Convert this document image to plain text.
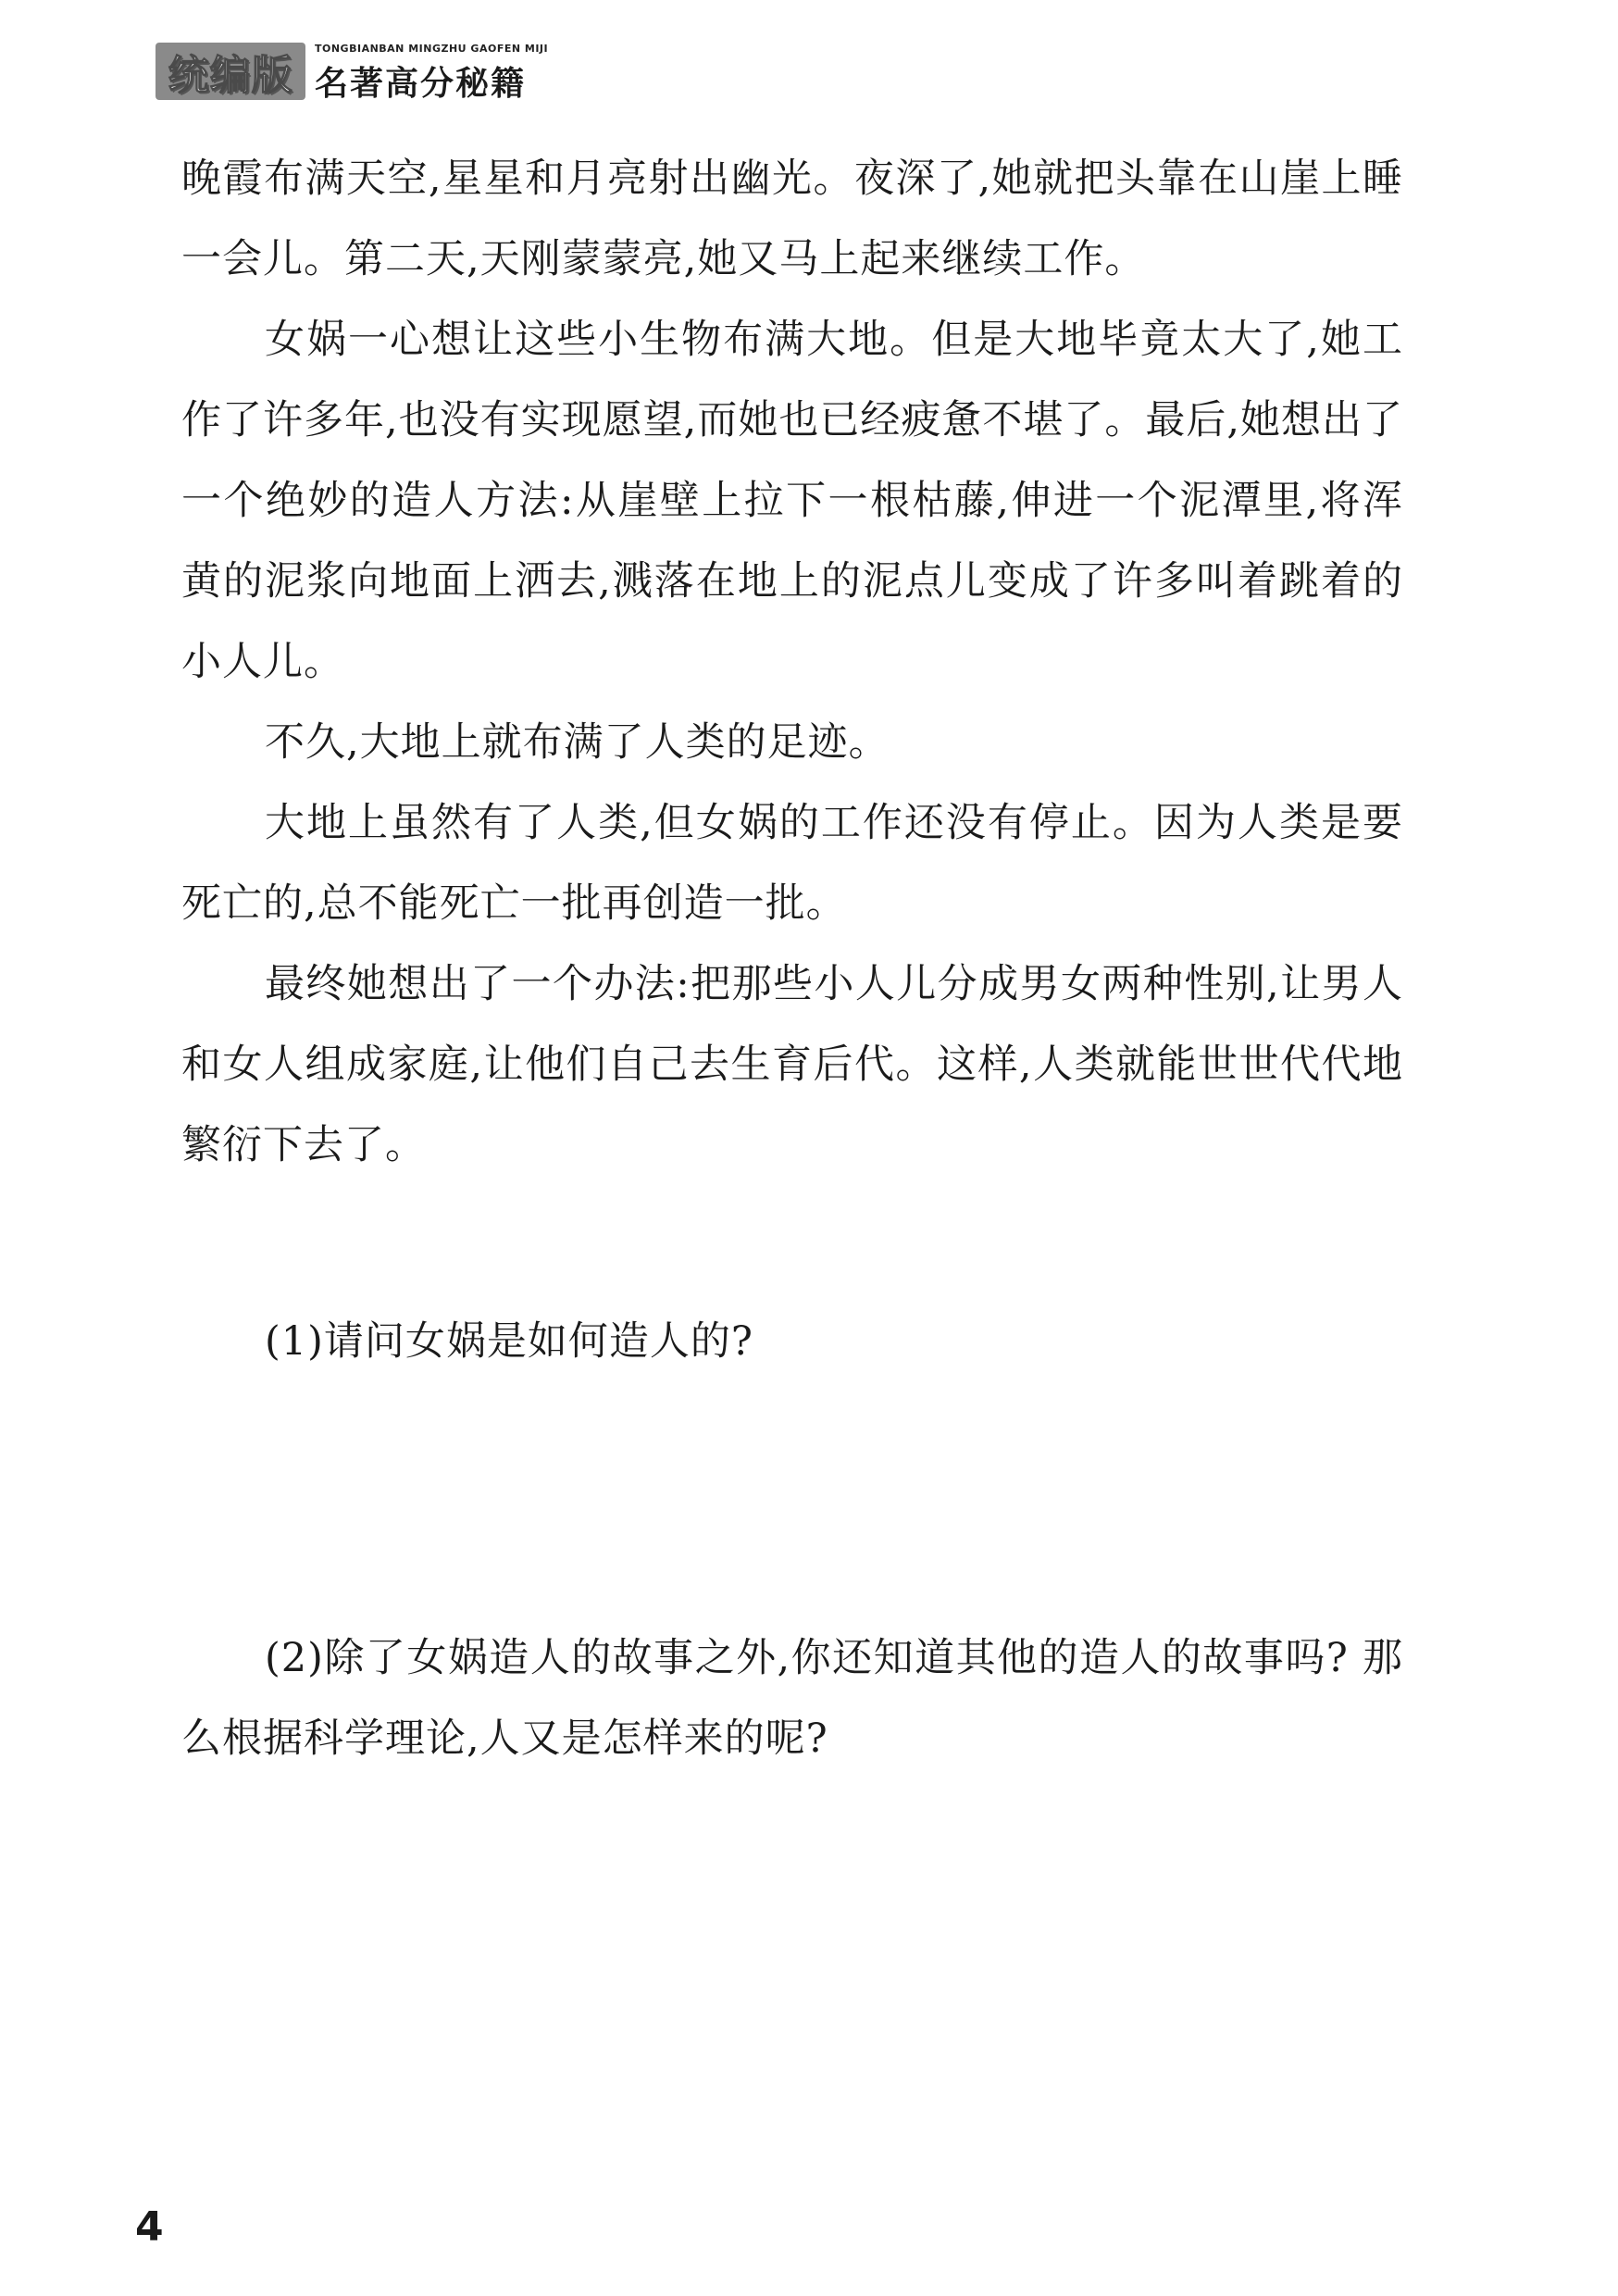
统编版
TONGBIANBAN MINGZHU GAOFEN MIJI
名著高分秘籍

晚霞布满天空,星星和月亮射出幽光。夜深了,她就把头靠在山崖上睡一会儿。第二天,天刚蒙蒙亮,她又马上起来继续工作。

女娲一心想让这些小生物布满大地。但是大地毕竟太大了,她工作了许多年,也没有实现愿望,而她也已经疲惫不堪了。最后,她想出了一个绝妙的造人方法:从崖壁上拉下一根枯藤,伸进一个泥潭里,将浑黄的泥浆向地面上洒去,溅落在地上的泥点儿变成了许多叫着跳着的小人儿。

不久,大地上就布满了人类的足迹。

大地上虽然有了人类,但女娲的工作还没有停止。因为人类是要死亡的,总不能死亡一批再创造一批。

最终她想出了一个办法:把那些小人儿分成男女两种性别,让男人和女人组成家庭,让他们自己去生育后代。这样,人类就能世世代代地繁衍下去了。

(1)请问女娲是如何造人的?

(2)除了女娲造人的故事之外,你还知道其他的造人的故事吗? 那么根据科学理论,人又是怎样来的呢?

4
